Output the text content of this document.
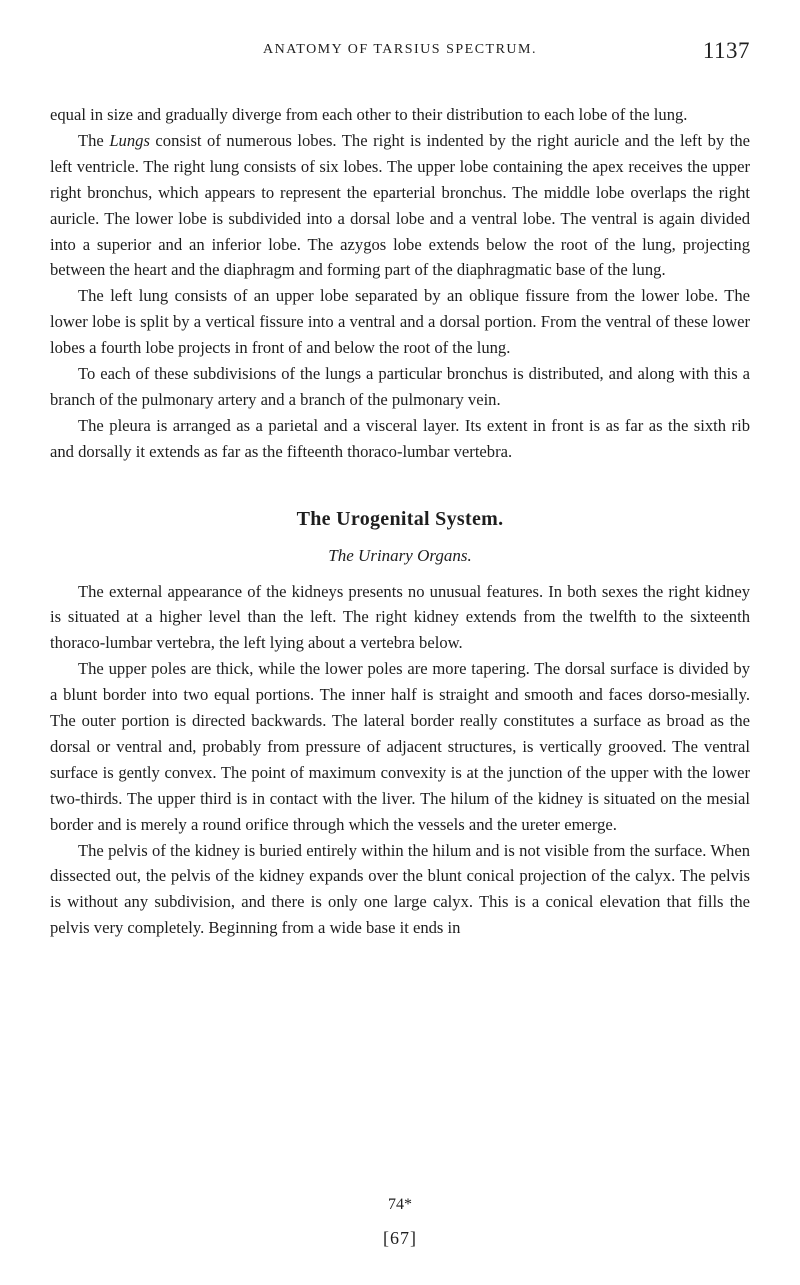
ANATOMY OF TARSIUS SPECTRUM.	1137

equal in size and gradually diverge from each other to their distribution to each lobe of the lung.

The Lungs consist of numerous lobes. The right is indented by the right auricle and the left by the left ventricle. The right lung consists of six lobes. The upper lobe containing the apex receives the upper right bronchus, which appears to represent the eparterial bronchus. The middle lobe overlaps the right auricle. The lower lobe is subdivided into a dorsal lobe and a ventral lobe. The ventral is again divided into a superior and an inferior lobe. The azygos lobe extends below the root of the lung, projecting between the heart and the diaphragm and forming part of the diaphragmatic base of the lung.

The left lung consists of an upper lobe separated by an oblique fissure from the lower lobe. The lower lobe is split by a vertical fissure into a ventral and a dorsal portion. From the ventral of these lower lobes a fourth lobe projects in front of and below the root of the lung.

To each of these subdivisions of the lungs a particular bronchus is distributed, and along with this a branch of the pulmonary artery and a branch of the pulmonary vein.

The pleura is arranged as a parietal and a visceral layer. Its extent in front is as far as the sixth rib and dorsally it extends as far as the fifteenth thoraco-lumbar vertebra.

The Urogenital System.
The Urinary Organs.

The external appearance of the kidneys presents no unusual features. In both sexes the right kidney is situated at a higher level than the left. The right kidney extends from the twelfth to the sixteenth thoraco-lumbar vertebra, the left lying about a vertebra below.

The upper poles are thick, while the lower poles are more tapering. The dorsal surface is divided by a blunt border into two equal portions. The inner half is straight and smooth and faces dorso-mesially. The outer portion is directed backwards. The lateral border really constitutes a surface as broad as the dorsal or ventral and, probably from pressure of adjacent structures, is vertically grooved. The ventral surface is gently convex. The point of maximum convexity is at the junction of the upper with the lower two-thirds. The upper third is in contact with the liver. The hilum of the kidney is situated on the mesial border and is merely a round orifice through which the vessels and the ureter emerge.

The pelvis of the kidney is buried entirely within the hilum and is not visible from the surface. When dissected out, the pelvis of the kidney expands over the blunt conical projection of the calyx. The pelvis is without any subdivision, and there is only one large calyx. This is a conical elevation that fills the pelvis very completely. Beginning from a wide base it ends in

74*
[67]
